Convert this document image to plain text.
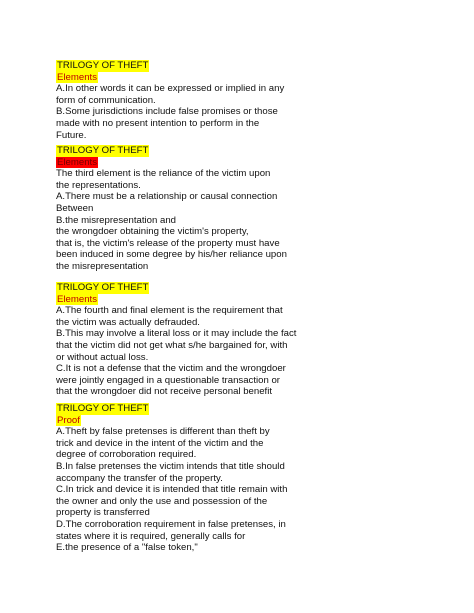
TRILOGY OF THEFT
Elements
A.In other words it can be expressed or implied in any
form of communication.
B.Some jurisdictions include false promises or those
made with no present intention to perform in the
Future.
TRILOGY OF THEFT
Elements
The third element is the reliance of the victim upon
the representations.
A.There must be a relationship or causal connection
Between
B.the misrepresentation and
the wrongdoer obtaining the victim's property,
that is, the victim's release of the property must have
been induced in some degree by his/her reliance upon
the misrepresentation
TRILOGY OF THEFT
Elements
A.The fourth and final element is the requirement that
the victim was actually defrauded.
B.This may involve a literal loss or it may include the fact
that the victim did not get what s/he bargained for, with
or without actual loss.
C.It is not a defense that the victim and the wrongdoer
were jointly engaged in a questionable transaction or
that the wrongdoer did not receive personal benefit
TRILOGY OF THEFT
Proof
A.Theft by false pretenses is different than theft by
trick and device in the intent of the victim and the
degree of corroboration required.
B.In false pretenses the victim intends that title should
accompany the transfer of the property.
C.In trick and device it is intended that title remain with
the owner and only the use and possession of the
property is transferred
D.The corroboration requirement in false pretenses, in
states where it is required, generally calls for
E.the presence of a "false token,"
